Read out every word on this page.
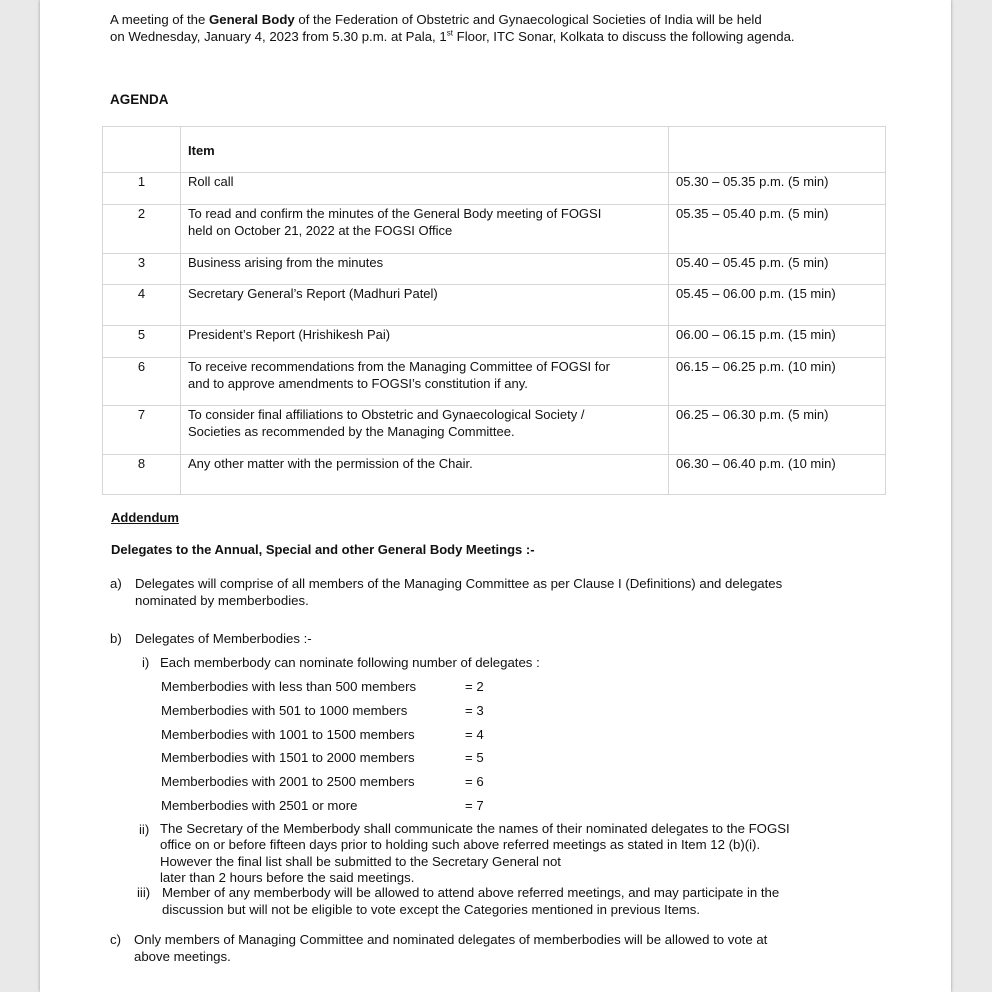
A meeting of the General Body of the Federation of Obstetric and Gynaecological Societies of India will be held
on Wednesday, January 4, 2023 from 5.30 p.m. at Pala, 1st Floor, ITC Sonar, Kolkata to discuss the following agenda.
AGENDA

	Item	

1	Roll call	05.30 – 05.35 p.m. (5 min)

2	To read and confirm the minutes of the General Body meeting of FOGSI
held on October 21, 2022 at the FOGSI Office	05.35 – 05.40 p.m. (5 min)

3	Business arising from the minutes	05.40 – 05.45 p.m. (5 min)

4	Secretary General’s Report (Madhuri Patel)	05.45 – 06.00 p.m. (15 min)

5	President’s Report (Hrishikesh Pai)	06.00 – 06.15 p.m. (15 min)

6	To receive recommendations from the Managing Committee of FOGSI for
and to approve amendments to FOGSI’s constitution if any.	06.15 – 06.25 p.m. (10 min)

7	To consider final affiliations to Obstetric and Gynaecological Society /
Societies as recommended by the Managing Committee.	06.25 – 06.30 p.m. (5 min)

8	Any other matter with the permission of the Chair.	06.30 – 06.40 p.m. (10 min)
Addendum
Delegates to the Annual, Special and other General Body Meetings :-
a) Delegates will comprise of all members of the Managing Committee as per Clause I (Definitions) and delegates
nominated by memberbodies.
b) Delegates of Memberbodies :-
i) Each memberbody can nominate following number of delegates :
Memberbodies with less than 500 members	= 2
Memberbodies with 501 to 1000 members	= 3
Memberbodies with 1001 to 1500 members	= 4
Memberbodies with 1501 to 2000 members	= 5
Memberbodies with 2001 to 2500 members	= 6
Memberbodies with 2501 or more	= 7
ii) The Secretary of the Memberbody shall communicate the names of their nominated delegates to the FOGSI
office on or before fifteen days prior to holding such above referred meetings as stated in Item 12 (b)(i).
However the final list shall be submitted to the Secretary General not
later than 2 hours before the said meetings.
iii) Member of any memberbody will be allowed to attend above referred meetings, and may participate in the
discussion but will not be eligible to vote except the Categories mentioned in previous Items.
c) Only members of Managing Committee and nominated delegates of memberbodies will be allowed to vote at
above meetings.
